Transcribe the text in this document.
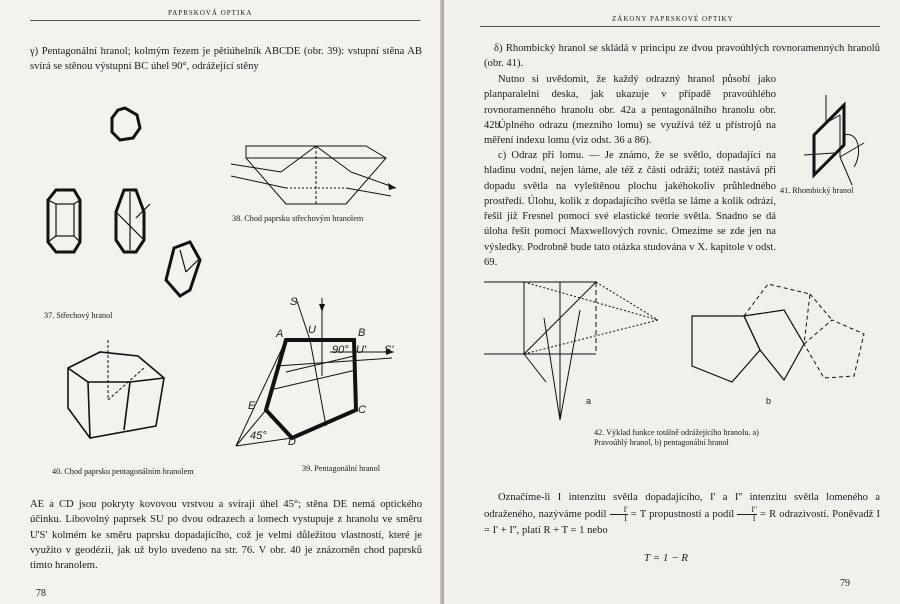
PAPRSKOVÁ OPTIKA

γ) Pentagonální hranol; kolmým řezem je pětiúhelník ABCDE (obr. 39): vstupní stěna AB svírá se stěnou výstupní BC úhel 90°, odrážející stěny

37. Střechový hranol

38. Chod paprsku střechovým hranolem

40. Chod paprsku pentagonálním hranolem

S
U
A	B
90° U' S'
E	C
45° D

39. Pentagonální hranol

AE a CD jsou pokryty kovovou vrstvou a svírají úhel 45°; stěna DE nemá optického účinku. Libovolný paprsek SU po dvou odrazech a lomech vystupuje z hranolu ve směru U'S' kolmém ke směru paprsku dopadajícího, což je velmi důležitou vlastností, které je využito v geodézii, jak už bylo uvedeno na str. 76. V obr. 40 je znázorněn chod paprsků tímto hranolem.

78
ZÁKONY PAPRSKOVÉ OPTIKY

δ) Rhombický hranol se skládá v principu ze dvou pravoúhlých rovnoramenných hranolů (obr. 41).

Nutno si uvědomit, že každý odrazný hranol působí jako planparalelní deska, jak ukazuje v případě pravoúhlého rovnoramenného hranolu obr. 42a a pentagonálního hranolu obr. 42b.

Úplného odrazu (mezního lomu) se využívá též u přístrojů na měření indexu lomu (viz odst. 36 a 86).

c) Odraz při lomu. — Je známo, že se světlo, dopadající na hladinu vodní, nejen láme, ale též z části odráží; totéž nastává při dopadu světla na vyleštěnou plochu jakéhokoliv průhledného prostředí. Úlohu, kolik z dopadajícího světla se láme a kolik odrází, řešil již Fresnel pomocí své elastické teorie světla. Snadno se dá úloha řešit pomocí Maxwellových rovnic. Omezíme se zde jen na výsledky. Podrobně bude tato otázka studována v X. kapitole v odst. 69.

41. Rhombický hranol

a	b

42. Výklad funkce totálně odrážejícího hranolu. a) Pravoúhlý hranol, b) pentagonální hranol

Označíme-li I intenzitu světla dopadajícího, I' a I'' intenzitu světla lomeného a odraženého, nazýváme podíl $\frac{I'}{I} = T$ propustností a podíl $\frac{I''}{I} = R$ odrazivostí. Poněvadž I = I' + I'', platí R + T = 1 nebo

T = 1 − R
79
